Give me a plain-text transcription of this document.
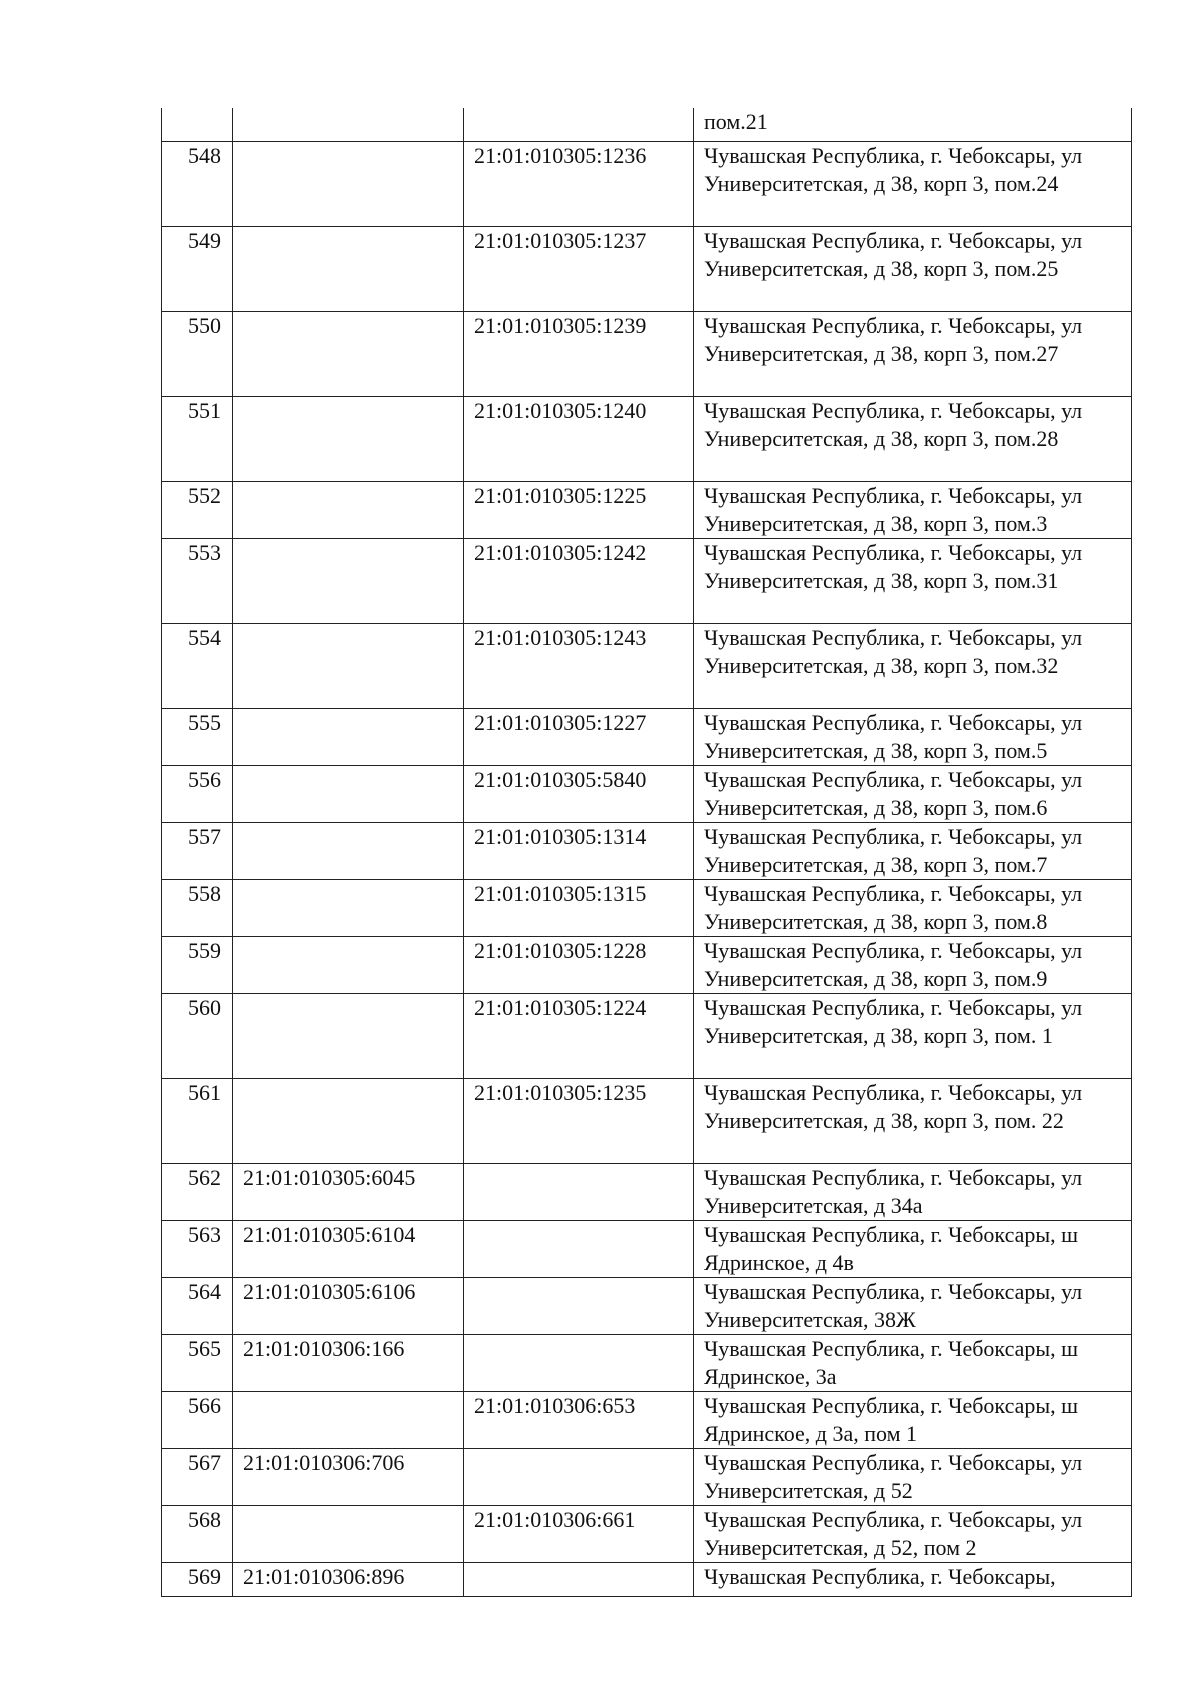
			пом.21
548		21:01:010305:1236	Чувашская Республика, г. Чебоксары, ул Университетская, д 38, корп 3, пом.24
549		21:01:010305:1237	Чувашская Республика, г. Чебоксары, ул Университетская, д 38, корп 3, пом.25
550		21:01:010305:1239	Чувашская Республика, г. Чебоксары, ул Университетская, д 38, корп 3, пом.27
551		21:01:010305:1240	Чувашская Республика, г. Чебоксары, ул Университетская, д 38, корп 3, пом.28
552		21:01:010305:1225	Чувашская Республика, г. Чебоксары, ул Университетская, д 38, корп 3, пом.3
553		21:01:010305:1242	Чувашская Республика, г. Чебоксары, ул Университетская, д 38, корп 3, пом.31
554		21:01:010305:1243	Чувашская Республика, г. Чебоксары, ул Университетская, д 38, корп 3, пом.32
555		21:01:010305:1227	Чувашская Республика, г. Чебоксары, ул Университетская, д 38, корп 3, пом.5
556		21:01:010305:5840	Чувашская Республика, г. Чебоксары, ул Университетская, д 38, корп 3, пом.6
557		21:01:010305:1314	Чувашская Республика, г. Чебоксары, ул Университетская, д 38, корп 3, пом.7
558		21:01:010305:1315	Чувашская Республика, г. Чебоксары, ул Университетская, д 38, корп 3, пом.8
559		21:01:010305:1228	Чувашская Республика, г. Чебоксары, ул Университетская, д 38, корп 3, пом.9
560		21:01:010305:1224	Чувашская Республика, г. Чебоксары, ул Университетская, д 38, корп 3, пом. 1
561		21:01:010305:1235	Чувашская Республика, г. Чебоксары, ул Университетская, д 38, корп 3, пом. 22
562	21:01:010305:6045		Чувашская Республика, г. Чебоксары, ул Университетская, д 34а
563	21:01:010305:6104		Чувашская Республика, г. Чебоксары, ш Ядринское, д 4в
564	21:01:010305:6106		Чувашская Республика, г. Чебоксары, ул Университетская, 38Ж
565	21:01:010306:166		Чувашская Республика, г. Чебоксары, ш Ядринское, 3а
566		21:01:010306:653	Чувашская Республика, г. Чебоксары, ш Ядринское, д 3а, пом 1
567	21:01:010306:706		Чувашская Республика, г. Чебоксары, ул Университетская, д 52
568		21:01:010306:661	Чувашская Республика, г. Чебоксары, ул Университетская, д 52, пом 2
569	21:01:010306:896		Чувашская Республика, г. Чебоксары,
